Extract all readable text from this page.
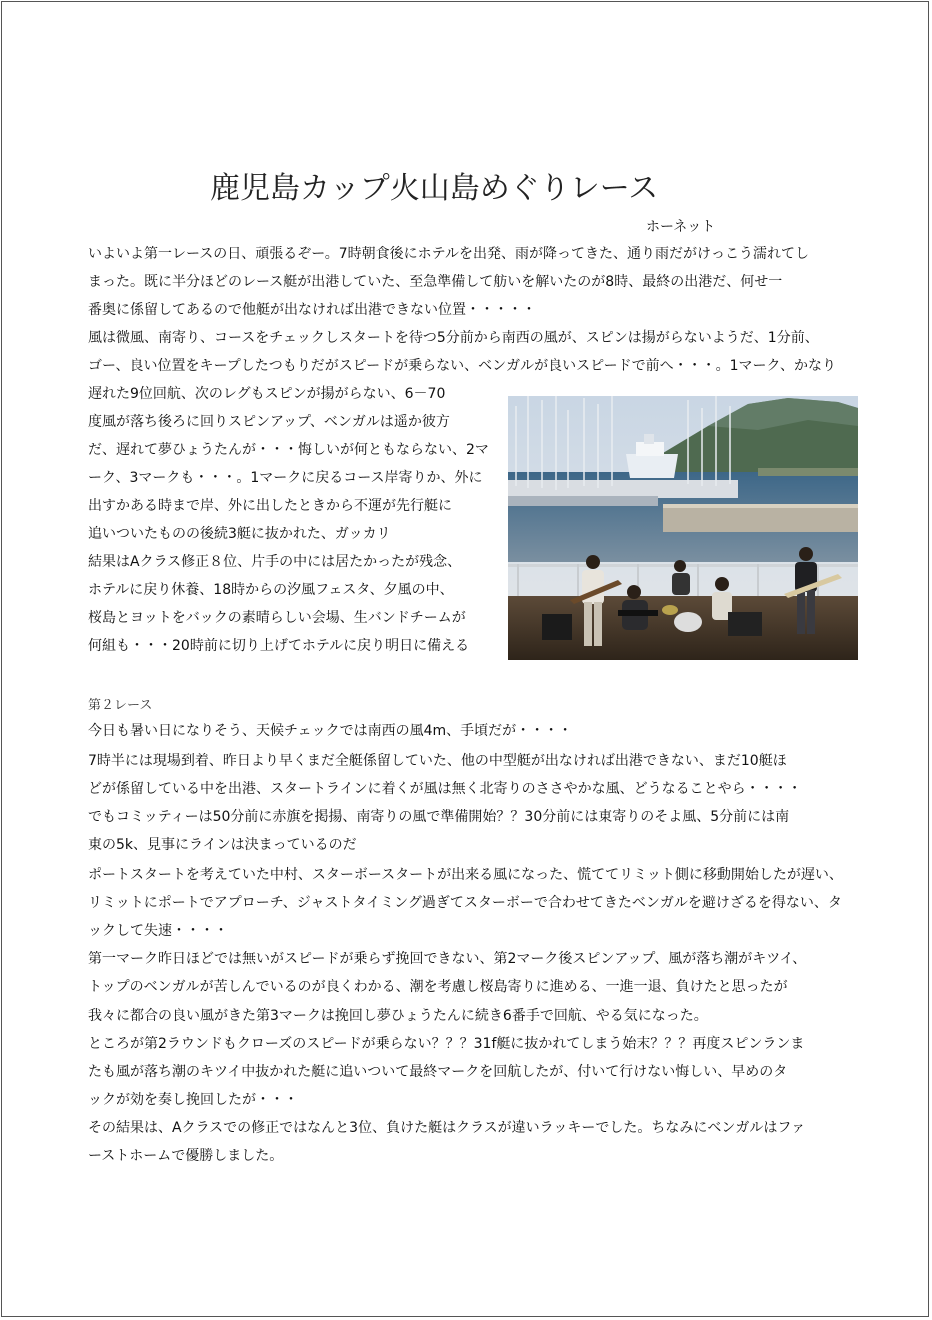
鹿児島カップ火山島めぐりレース
ホーネット

いよいよ第一レースの日、頑張るぞー。7時朝食後にホテルを出発、雨が降ってきた、通り雨だがけっこう濡れてし

まった。既に半分ほどのレース艇が出港していた、至急準備して舫いを解いたのが8時、最終の出港だ、何せ一

番奥に係留してあるので他艇が出なければ出港できない位置・・・・・

風は微風、南寄り、コースをチェックしスタートを待つ5分前から南西の風が、スピンは揚がらないようだ、1分前、

ゴー、良い位置をキープしたつもりだがスピードが乗らない、ベンガルが良いスピードで前へ・・・。1マーク、かなり

遅れた9位回航、次のレグもスピンが揚がらない、6－70

度風が落ち後ろに回りスピンアップ、ベンガルは遥か彼方

だ、遅れて夢ひょうたんが・・・悔しいが何ともならない、2マ

ーク、3マークも・・・。1マークに戻るコース岸寄りか、外に

出すかある時まで岸、外に出したときから不運が先行艇に

追いついたものの後続3艇に抜かれた、ガッカリ

結果はAクラス修正８位、片手の中には居たかったが残念、

ホテルに戻り休養、18時からの汐風フェスタ、夕風の中、

桜島とヨットをバックの素晴らしい会場、生バンドチームが

何組も・・・20時前に切り上げてホテルに戻り明日に備える

第２レース

今日も暑い日になりそう、天候チェックでは南西の風4m、手頃だが・・・・

7時半には現場到着、昨日より早くまだ全艇係留していた、他の中型艇が出なければ出港できない、まだ10艇ほ

どが係留している中を出港、スタートラインに着くが風は無く北寄りのささやかな風、どうなることやら・・・・

でもコミッティーは50分前に赤旗を掲揚、南寄りの風で準備開始？？30分前には東寄りのそよ風、5分前には南

東の5k、見事にラインは決まっているのだ

ポートスタートを考えていた中村、スターボースタートが出来る風になった、慌ててリミット側に移動開始したが遅い、

リミットにポートでアプローチ、ジャストタイミング過ぎてスターボーで合わせてきたベンガルを避けざるを得ない、タ

ックして失速・・・・

第一マーク昨日ほどでは無いがスピードが乗らず挽回できない、第2マーク後スピンアップ、風が落ち潮がキツイ、

トップのベンガルが苦しんでいるのが良くわかる、潮を考慮し桜島寄りに進める、一進一退、負けたと思ったが

我々に都合の良い風がきた第3マークは挽回し夢ひょうたんに続き6番手で回航、やる気になった。

ところが第2ラウンドもクローズのスピードが乗らない？？？31f艇に抜かれてしまう始末？？？再度スピンランま

たも風が落ち潮のキツイ中抜かれた艇に追いついて最終マークを回航したが、付いて行けない悔しい、早めのタ

ックが効を奏し挽回したが・・・

その結果は、Aクラスでの修正ではなんと3位、負けた艇はクラスが違いラッキーでした。ちなみにベンガルはファ

ーストホームで優勝しました。
